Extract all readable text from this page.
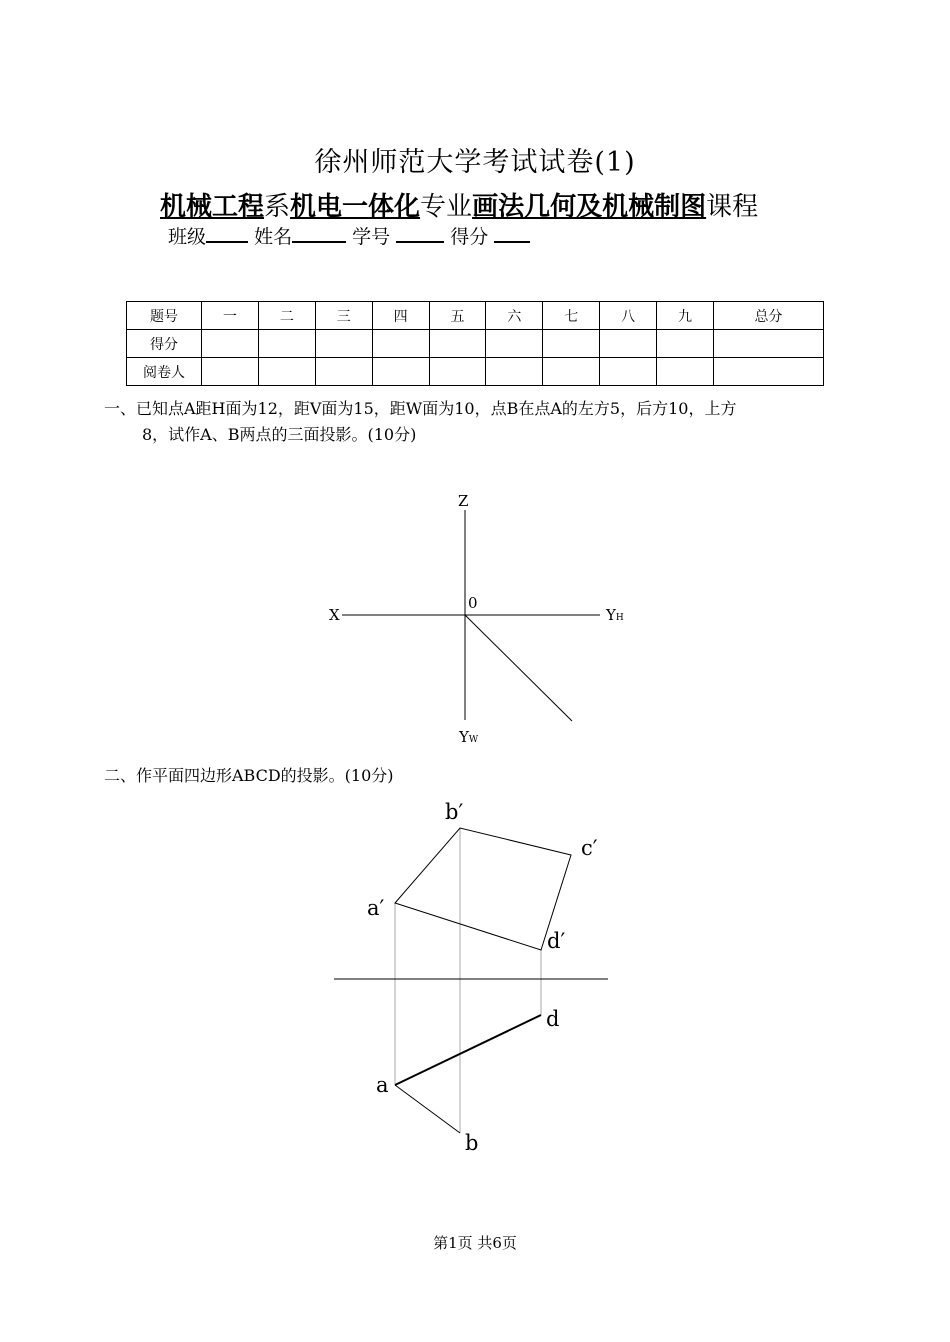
徐州师范大学考试试卷(1)
机械工程系机电一体化专业画法几何及机械制图课程
班级	姓名	学号	得分
题号	一	二	三	四	五	六	七	八	九	总分
得分										
阅卷人										
一、已知点A距H面为12，距V面为15，距W面为10，点B在点A的左方5，后方10，上方
8，试作A、B两点的三面投影。(10分)
Z
X
0
YH
YW
b′
c′
a′
d′
d
a
b
二、作平面四边形ABCD的投影。(10分)
第1页 共6页
